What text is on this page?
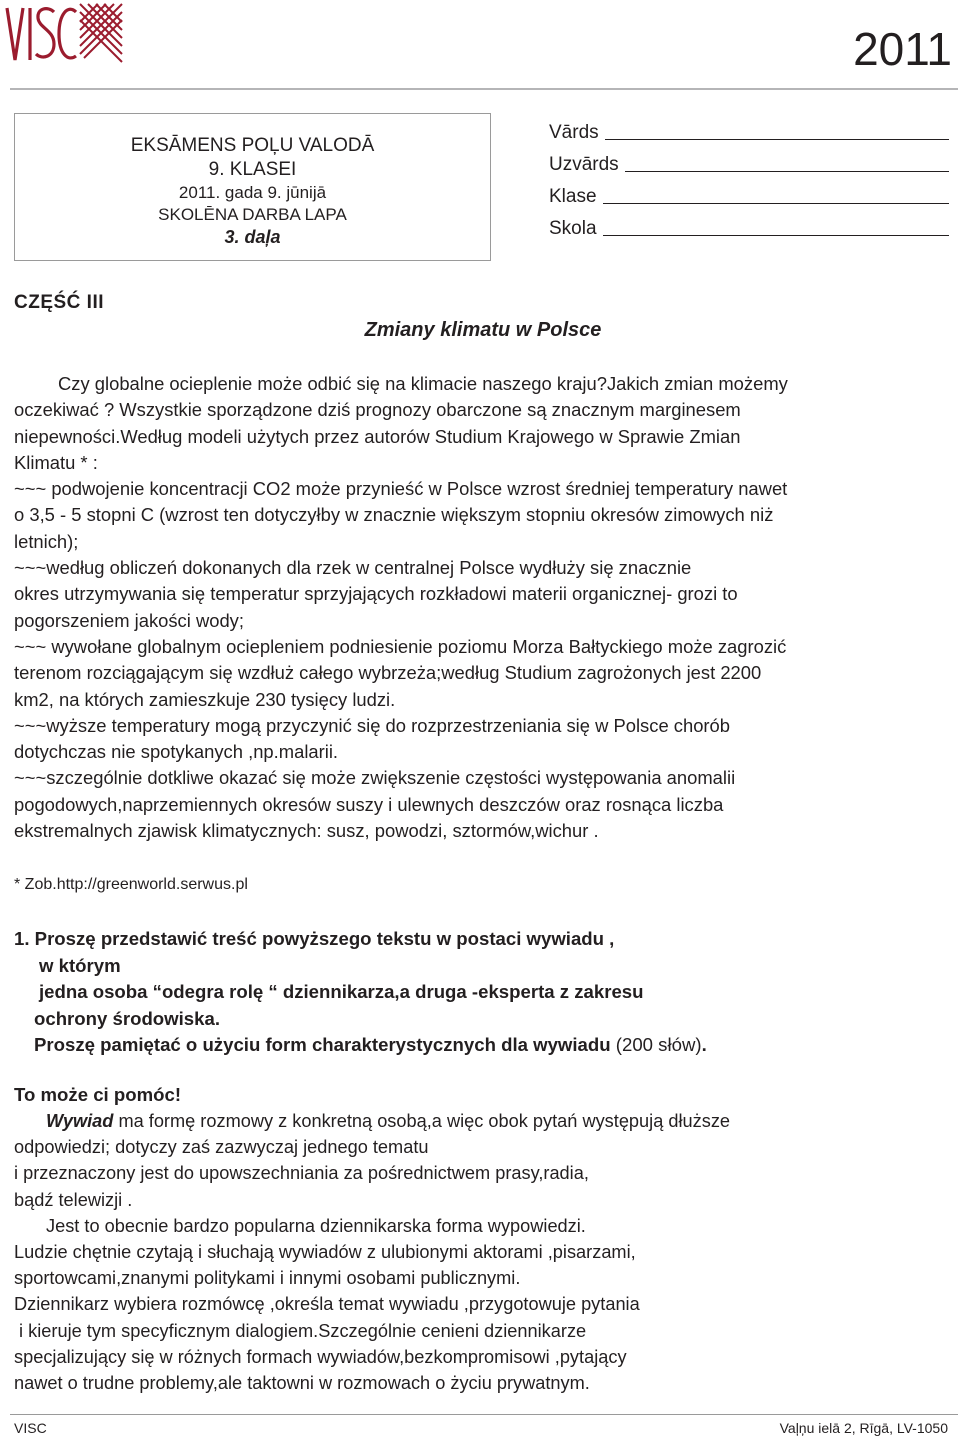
2011
EKSĀMENS POĻU VALODĀ
9. KLASEI
2011. gada 9. jūnijā
SKOLĒNA DARBA LAPA
3. daļa
Vārds
Uzvārds
Klase
Skola
CZĘŚĆ III
Zmiany klimatu w Polsce

Czy globalne ocieplenie może odbić się na klimacie naszego kraju?Jakich zmian możemy

oczekiwać ? Wszystkie sporządzone dziś prognozy obarczone są znacznym marginesem

niepewności.Według modeli użytych przez autorów Studium Krajowego w Sprawie Zmian

Klimatu * :

~~~ podwojenie koncentracji CO2 może przynieść w Polsce wzrost średniej temperatury nawet

o 3,5 - 5 stopni C (wzrost ten dotyczyłby w znacznie większym stopniu okresów zimowych niż

letnich);

~~~według obliczeń dokonanych dla rzek w centralnej Polsce wydłuży się znacznie

okres utrzymywania się temperatur sprzyjających rozkładowi materii organicznej- grozi to

pogorszeniem jakości wody;

~~~ wywołane globalnym ociepleniem podniesienie poziomu Morza Bałtyckiego może zagrozić

terenom rozciągającym się wzdłuż całego wybrzeża;według Studium zagrożonych jest 2200

km2, na których zamieszkuje 230 tysięcy ludzi.

~~~wyższe temperatury mogą przyczynić się do rozprzestrzeniania się w Polsce chorób

dotychczas nie spotykanych ,np.malarii.

~~~szczególnie dotkliwe okazać się może zwiększenie częstości występowania anomalii

pogodowych,naprzemiennych okresów suszy i ulewnych deszczów oraz rosnąca liczba

ekstremalnych zjawisk klimatycznych: susz, powodzi, sztormów,wichur .

* Zob.http://greenworld.serwus.pl

1. Proszę przedstawić treść powyższego tekstu w postaci wywiadu ,

w którym

jedna osoba “odegra rolę “ dziennikarza,a druga -eksperta z zakresu

ochrony środowiska.

Proszę pamiętać o użyciu form charakterystycznych dla wywiadu (200 słów).

To może ci pomóc!

Wywiad ma formę rozmowy z konkretną osobą,a więc obok pytań występują dłuższe

odpowiedzi; dotyczy zaś zazwyczaj jednego tematu

i przeznaczony jest do upowszechniania za pośrednictwem prasy,radia,

bądź telewizji .

Jest to obecnie bardzo popularna dziennikarska forma wypowiedzi.

Ludzie chętnie czytają i słuchają wywiadów z ulubionymi aktorami ,pisarzami,

sportowcami,znanymi politykami i innymi osobami publicznymi.

Dziennikarz wybiera rozmówcę ,określa temat wywiadu ,przygotowuje pytania

i kieruje tym specyficznym dialogiem.Szczególnie cenieni dziennikarze

specjalizujący się w różnych formach wywiadów,bezkompromisowi ,pytający

nawet o trudne problemy,ale taktowni w rozmowach o życiu prywatnym.

VISC	Vaļņu ielā 2, Rīgā, LV-1050
